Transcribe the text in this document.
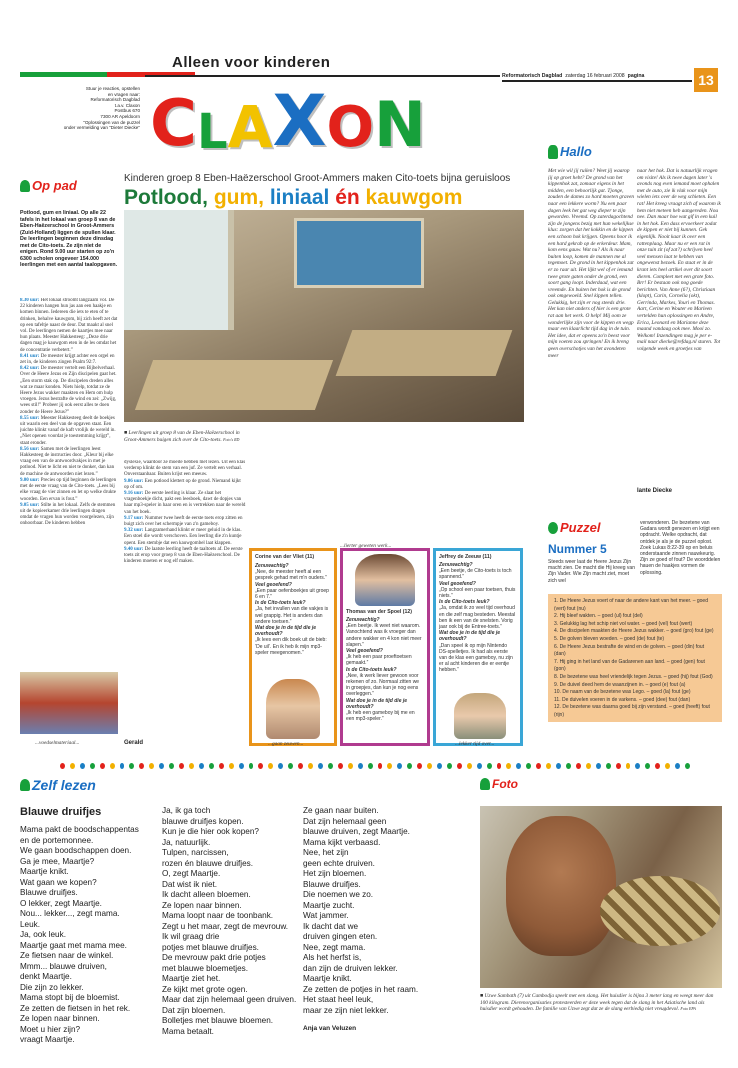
Alleen voor kinderen
Stuur je reacties, opstellen
en vragen naar:
Reformatorisch Dagblad
t.a.v. Claxon
Postbus 670
7300 AR Apeldoorn
"Oplossingen van de puzzel
onder vermelding van "Dieter Diecke" C L A X O N
Reformatorisch Dagblad zaterdag 16 februari 2008 pagina	13
Op pad	Kinderen groep 8 Eben-Haëzerschool Groot-Ammers maken Cito-toets bijna geruisloos
Potlood, gum, liniaal én kauwgom
Potlood, gum en liniaal. Op alle 22 tafels in het lokaal van groep 8 van de Eben-Haëzerschool in Groot-Ammers (Zuid-Holland) liggen de spullen klaar. De leerlingen beginnen deze dinsdag met de Cito-toets. Ze zijn niet de enigen. Rond 9.00 uur starten op zo'n 6300 scholen ongeveer 154.000 leerlingen met een aantal taalopgaven.

8.30 uur: Het lokaal stroomt langzaam vol. De 22 kinderen hangen hun jas aan een haakje en komen binnen. Iedereen die iets te eten of te drinken, behalve kauwgom, bij zich heeft zet dat op een tafeltje naast de deur. Dat maakt al snel vol. De leerlingen nemen de kaartjes mee naar hun plaats. Meester Hakkesteeg: „Deze drie dagen mag je kauwgom eten in de les omdat het de concentratie verbetert.”

8.41 uur: De meester krijgt achter een orgel en zet in, de kinderen zingen Psalm 92:7.

8.42 uur: De meester vertelt een Bijbelverhaal. Over de Heere Jezus en Zijn discipelen gaat het. „Een storm stak op. De discipelen dreden alles wat ze maar konden. Niets hielp, totdat ze de Heere Jezus wakker maakten en Hem om hulp vroegen. Jezus bestrafte de wind en zei: „Zwijg, wees stil!” Probeer jij ook eerst alles te doen zonder de Heere Jezus?”

8.55 uur: Meester Hakkesteeg deelt de boekjes uit waarin een deel van de opgaven staat. Een juichte klinkt vanaf de kaft vrolijk de wereld in. „Niet openen voordat je toestemming krijgt”, staat eronder.

8.56 uur: Samen met de leerlingen leest Hakkesteeg de instructies door. „Kleur bij elke vraag een van de antwoordvakjes in met je potlood. Niet te licht en niet te donker, dan kan de machine de antwoorden niet lezen.”

9.00 uur: Precies op tijd beginnen de leerlingen met de eerste vraag van de Cito-toets. „Lees bij elke vraag de vier zinnen en let op welke drukte woorden. Een ervan is fout.”

9.05 uur: Stilte in het lokaal. Zelfs de stemmen uit de kopieerkamer drie leerlingen dragen omdat de vragen hun worden voorgelezen, zijn onhoorbaar. De kinderen hebben

■ Leerlingen uit groep 8 van de Eben-Haëzerschool in Groot-Ammers buigen zich over de Cito-toets. Foto's RD

dyslexie, waardoor ze moeite hebben met lezen. Uit een klas verderop klinkt de stem van een juf. Ze vertelt een verhaal. Onverstaanbaar. Buiten krijst een meeuw.

9.06 uur: Een potlood klettert op de grond. Niemand kijkt op of om.

9.16 uur: De eerste leerling is klaar. Ze slaat het vragenboekje dicht, pakt een leesboek, dawt de dopjes van haar mp3-speler in haar oren en is vertrekken naar de wereld van het boek.

9.17 uur: Nummer twee heeft de eerste toets erop zitten en buigt zich over het schermpje van z'n gameboy.

9.32 uur: Langzamerhand klinkt er meer geluid in de klas. Een stoel die wordt verschoven. Een leerling die z'n kuntje opent. Een stembje dat een kauwgombel laat klappen.

9.40 uur: De laatste leerling heeft de taaltoets af. De eerste toets zit erop voor groep 8 van de Eben-Haëzerschool. De kinderen moeten er nog elf maken.

...voedselmateriaal...	Gerald
...lierter geweten werk...
Corine van der Vliet (11)
Zenuwachtig?
„Nee, de meester heeft al een gesprek gehad met m'n ouders.”
Veel geoefend?
„Een paar oefenboekjes uit groep 6 en 7.”
Is de Cito-toets leuk?
„Ja, het invullen van die vakjes is wel grappig. Het is anders dan andere toetsen.”
Wat doe je in de tijd die je overhoudt?
„Ik lees een dik boek uit de bieb: ‘De uil’. En ik heb ik mijn mp3-speler meegenomen.”
...gaan zeuwen...
Thomas van der Spoel (12)
Zenuwachtig?
„Een beetje. Ik weet niet waarom. Vanochtend was ik vroeger dan andere wakker en 4 kon niet meer slapen.”
Veel geoefend?
„Ik heb een paar proeftoetsen gemaakt.”
Is de Cito-toets leuk?
„Nee, ik werk liever gewoon voor rekenen of zo. Normaal zitten we in groepjes, dan kun je nog eens overleggen.”
Wat doe je in de tijd die je overhoudt?
„Ik heb een gameboy bij me en een mp3-speler.”
Jeffrey de Zeeuw (11)
Zenuwachtig?
„Een beetje, de Cito-toets is toch spannend.”
Veel geoefend?
„Op school een paar toetsen, thuis niets.”
Is de Cito-toets leuk?
„Ja, omdat ik zo veel tijd overhoud en die zelf mag besteden. Meestal ben ik een van de snelsten. Vorig jaar ook bij de Entree-toets.”
Wat doe je in de tijd die je overhoudt?
„Dan speel ik op mijn Nintendo DS-spelletjes. Ik had als eerste van de klas een gameboy, nu zijn er al acht kinderen die er eentje hebben.”
...lekker tijd over...
Hallo
Met wie wil jij ruilen? Weet jij waarop jij op groet hebt? De grond van het kippenhok zat, zomaar eigens in het midden, een behoorlijk gat. Tjonge, zouden de dames zo hard moeten graven naar een lekkere worm? Nu een paar dagen leek het gat weg dieper te zijn geworden. Vreemd. Op zaterdagochtend zijn de jongens bezig met hun wekelijkse klus: zorgen dat het kokkin en de kippen een schoon hok krijgen. Opeens hoor ik een hard gekrab op de erkerdeur. Mam, kom eens gauw. Wat nu? Als ik naar buiten loop, komen de mannen me al tegemoet. De grond in het kippenhok zat er zo raar uit. Het lijkt wel of er iemand twee grote gaten onder de grond, een soort gang loopt. Inderdaad, wat een vreemde. En buiten het hok is de grond ook omgewoeld. Snel kippen tellen. Gelukkig, het zijn er nog steeds drie. Het kan niet anders of hier is een grote rat aan het werk. O help! Mij oom ze wonderlijke zijn voor de kippen en wegp maar een klaarlicht tijd dag in de tuin. Het idee, dat er opeens zo'n beest voor mijn voeten zou springen! En ik breng geen overschotjes van het avondeten meer
naar het hok. Dat is natuurlijk vragen om visite! Als ik twee dagen later 's avonds nog even iemand moet ophalen met de auto, zie ik vlak voor mijn wielen iets over de weg schieten. Een rat! Het kreeg vraagt zich af waarom ik hem niet meteen heb aangereden. Nou nee. Dan maar hoe wat gif in een kuil in het hok. Een dass ervoerkeer zodat de kippen er niet bij kunnen. Gek eigenlijk. Nooit kaar ik over een rattenplaag. Maar nu er een rat in onze tuin zit (of zat?) schrijven heel veel mensen laat te hebben van ongewenst bezoek. En staat er in de krant iets heel artikel over dit soort dieren. Compleet met een grote foto. Brr! Er bestaan ook nog goede berichten. Van Anne (6?), Christiaan (klopt), Carin, Cornelia (okt), Gerrinda, Markes, Youri en Thomas. Aart, Cerine en Wouter en Marleen vertelden hun oplossingen en Andre, Erica, Leonard en Marianne deze maand vandaag ook mee. Mooi zo. Welkom! Inzendingen mag je per e-mail naar diecke@refdag.nl sturen. Tot volgende week en groetjes van
Iante Diecke
Puzzel
Nummer 5
Steeds weer laat de Heere Jezus Zijn macht zien. De macht die Hij kreeg van Zijn Vader. Wie Zijn macht ziet, moet zich wel
verwonderen. De bezetene van Gadara wordt genezen en krijgt een opdracht. Welke opdracht, dat ontdek je als je de puzzel oplost. Zoek Lukas 8:22-39 op en beluis onderstaande zinnen nauwkeurig. Zijn ze goed of fout? De woorddelen hauen de haakjes vormen de oplossing.
1. De Heere Jezus voert of naar de andere kant van het meer. – goed (vert) fout (nu)
2. Hij bleef wakten. – goed (ul) fout (del)
3. Gelukkig lag het schip niet vol water. – goed (vel) fout (wert)
4. De discipelen maakten de Heere Jezus wakker. – goed (gro) fout (ge)
5. De golven bleven woeden. – goed (de) fout (te)
6. De Heere Jezus bestrafte de wind en de golven. – goed (din) fout (dan)
7. Hij ging in het land van de Gadarenen aan land. – goed (gen) fout (gon)
8. De bezetene was heel vriendelijk tegen Jezus. – goed (hij) fout (God)
9. De duivel deed hem de waanzijnen in. – goed (e) fout (a)
10. De naam van de bezetene was Lego. – goed (la) fout (ge)
11. De duivelen voeren in de varkens. – goed (dee) fout (dan)
12. De bezetene was daarna goed bij zijn verstand. – goed (heeft) fout (rijn)
Zelf lezen
Blauwe druifjes
Mama pakt de boodschappentas
en de portemonnee.
We gaan boodschappen doen.
Ga je mee, Maartje?
Maartje knikt.
Wat gaan we kopen?
Blauwe druifjes.
O lekker, zegt Maartje.
Nou... lekker..., zegt mama.
Leuk.
Ja, ook leuk.
Maartje gaat met mama mee.
Ze fietsen naar de winkel.
Mmm... blauwe druiven,
denkt Maartje.
Die zijn zo lekker.
Mama stopt bij de bloemist.
Ze zetten de fietsen in het rek.
Ze lopen naar binnen.
Moet u hier zijn?
vraagt Maartje.
Ja, ik ga toch
blauwe druifjes kopen.
Kun je die hier ook kopen?
Ja, natuurlijk.
Tulpen, narcissen,
rozen én blauwe druifjes.
O, zegt Maartje.
Dat wist ik niet.
Ik dacht alleen bloemen.
Ze lopen naar binnen.
Mama loopt naar de toonbank.
Zegt u het maar, zegt de mevrouw.
Ik wil graag drie
potjes met blauwe druifjes.
De mevrouw pakt drie potjes
met blauwe bloemetjes.
Maartje ziet het.
Ze kijkt met grote ogen.
Maar dat zijn helemaal geen druiven.
Dat zijn bloemen.
Bolletjes met blauwe bloemen.
Mama betaalt.
Ze gaan naar buiten.
Dat zijn helemaal geen
blauwe druiven, zegt Maartje.
Mama kijkt verbaasd.
Nee, het zijn
geen echte druiven.
Het zijn bloemen.
Blauwe druifjes.
Die noemen we zo.
Maartje zucht.
Wat jammer.
Ik dacht dat we
druiven gingen eten.
Nee, zegt mama.
Als het herfst is,
dan zijn de druiven lekker.
Maartje knikt.
Ze zetten de potjes in het raam.
Het staat heel leuk,
maar ze zijn niet lekker.
Anja van Veluzen
Foto
■ Uzwe Sambath (7) uit Cambodja speelt met een slang. Het huisdier is bijna 3 meter lang en weegt meer dan 100 kilogram. Dierenorganisaties protesteerden er deze week tegen dat de slang in het Aziatische land als huisdier wordt gehouden. De familie van Uzwe zegt dat ze de slang eerbiedig niet vreugdevol. Foto EPA
